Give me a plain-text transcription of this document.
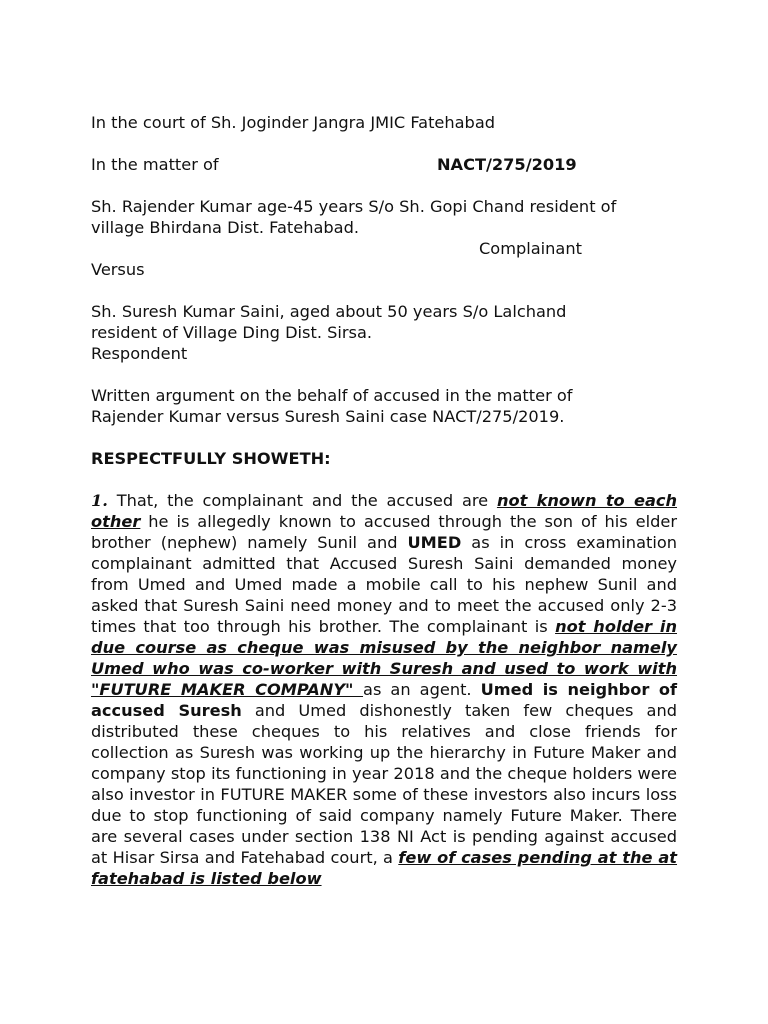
In the court of Sh. Joginder Jangra JMIC Fatehabad

In the matter of	NACT/275/2019

Sh. Rajender Kumar age-45 years S/o Sh. Gopi Chand resident of

village Bhirdana Dist. Fatehabad.

Complainant

Versus

Sh. Suresh Kumar Saini, aged about 50 years S/o Lalchand

resident of Village Ding Dist. Sirsa.

Respondent

Written argument on the behalf of accused in the matter of

Rajender Kumar versus Suresh Saini case NACT/275/2019.

RESPECTFULLY SHOWETH:

1. That, the complainant and the accused are not known to each other he is allegedly known to accused through the son of his elder brother (nephew) namely Sunil and UMED as in cross examination complainant admitted that Accused Suresh Saini demanded money from Umed and Umed made a mobile call to his nephew Sunil and asked that Suresh Saini need money and to meet the accused only 2-3 times that too through his brother. The complainant is not holder in due course as cheque was misused by the neighbor namely Umed who was co-worker with Suresh and used to work with "FUTURE MAKER COMPANY" as an agent. Umed is neighbor of accused Suresh and Umed dishonestly taken few cheques and distributed these cheques to his relatives and close friends for collection as Suresh was working up the hierarchy in Future Maker and company stop its functioning in year 2018 and the cheque holders were also investor in FUTURE MAKER some of these investors also incurs loss due to stop functioning of said company namely Future Maker. There are several cases under section 138 NI Act is pending against accused at Hisar Sirsa and Fatehabad court, a few of cases pending at the at fatehabad is listed below
